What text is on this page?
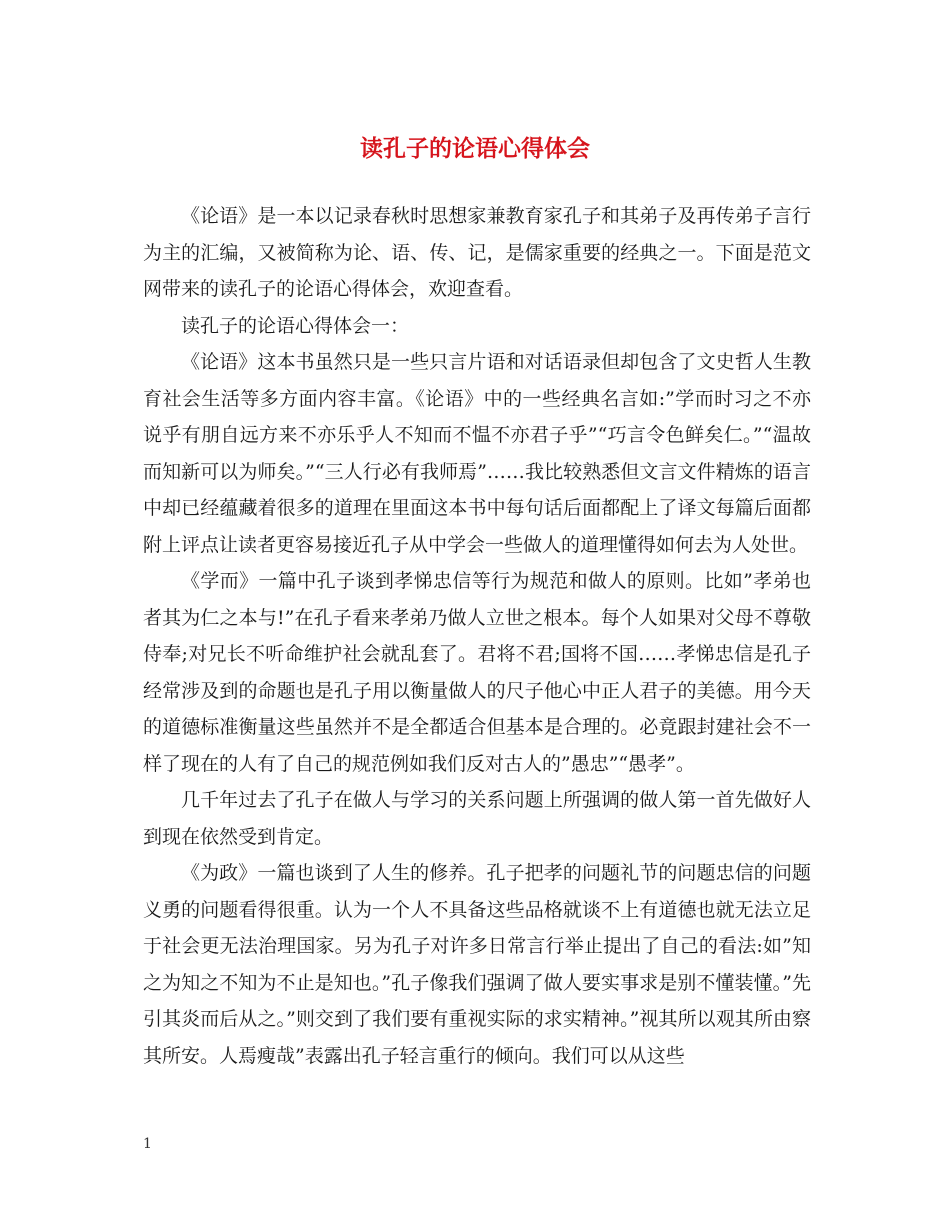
读孔子的论语心得体会

《论语》是一本以记录春秋时思想家兼教育家孔子和其弟子及再传弟子言行为主的汇编，又被简称为论、语、传、记，是儒家重要的经典之一。下面是范文网带来的读孔子的论语心得体会，欢迎查看。

读孔子的论语心得体会一：

《论语》这本书虽然只是一些只言片语和对话语录但却包含了文史哲人生教育社会生活等多方面内容丰富。《论语》中的一些经典名言如:”学而时习之不亦说乎有朋自远方来不亦乐乎人不知而不愠不亦君子乎”“巧言令色鲜矣仁。”“温故而知新可以为师矣。”“三人行必有我师焉”……我比较熟悉但文言文件精炼的语言中却已经蕴藏着很多的道理在里面这本书中每句话后面都配上了译文每篇后面都附上评点让读者更容易接近孔子从中学会一些做人的道理懂得如何去为人处世。

《学而》一篇中孔子谈到孝悌忠信等行为规范和做人的原则。比如”孝弟也者其为仁之本与!”在孔子看来孝弟乃做人立世之根本。每个人如果对父母不尊敬侍奉;对兄长不听命维护社会就乱套了。君将不君;国将不国……孝悌忠信是孔子经常涉及到的命题也是孔子用以衡量做人的尺子他心中正人君子的美德。用今天的道德标准衡量这些虽然并不是全都适合但基本是合理的。必竟跟封建社会不一样了现在的人有了自己的规范例如我们反对古人的”愚忠”“愚孝”。

几千年过去了孔子在做人与学习的关系问题上所强调的做人第一首先做好人到现在依然受到肯定。

《为政》一篇也谈到了人生的修养。孔子把孝的问题礼节的问题忠信的问题义勇的问题看得很重。认为一个人不具备这些品格就谈不上有道德也就无法立足于社会更无法治理国家。另为孔子对许多日常言行举止提出了自己的看法:如”知之为知之不知为不止是知也。”孔子像我们强调了做人要实事求是别不懂装懂。”先引其炎而后从之。”则交到了我们要有重视实际的求实精神。”视其所以观其所由察其所安。人焉瘦哉”表露出孔子轻言重行的倾向。我们可以从这些

1
